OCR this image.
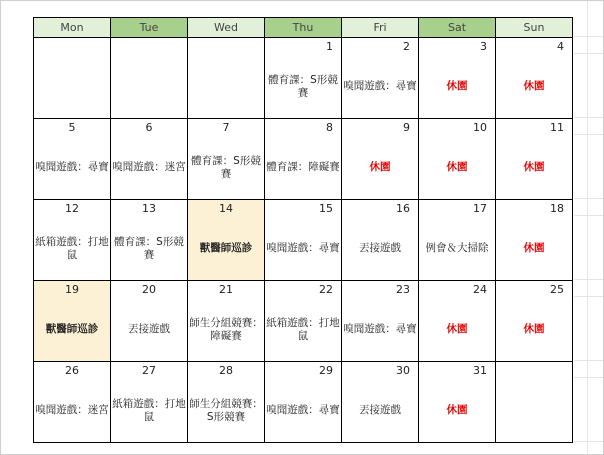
Mon	Tue	Wed	Thu	Fri	Sat	Sun
			1	2	3	4
			體育課：S形競賽	嗅聞遊戲：尋寶	休園	休園
5	6	7	8	9	10	11
嗅聞遊戲：尋寶	嗅聞遊戲：迷宮	體育課：S形競賽	體育課：障礙賽	休園	休園	休園
12	13	14	15	16	17	18
紙箱遊戲：打地鼠	體育課：S形競賽	獸醫師巡診	嗅聞遊戲：尋寶	丟接遊戲	例會＆大掃除	休園
19	20	21	22	23	24	25
獸醫師巡診	丟接遊戲	師生分組競賽：障礙賽	紙箱遊戲：打地鼠	嗅聞遊戲：尋寶	休園	休園
26	27	28	29	30	31	
嗅聞遊戲：迷宮	紙箱遊戲：打地鼠	師生分組競賽：S形競賽	嗅聞遊戲：尋寶	丟接遊戲	休園	
